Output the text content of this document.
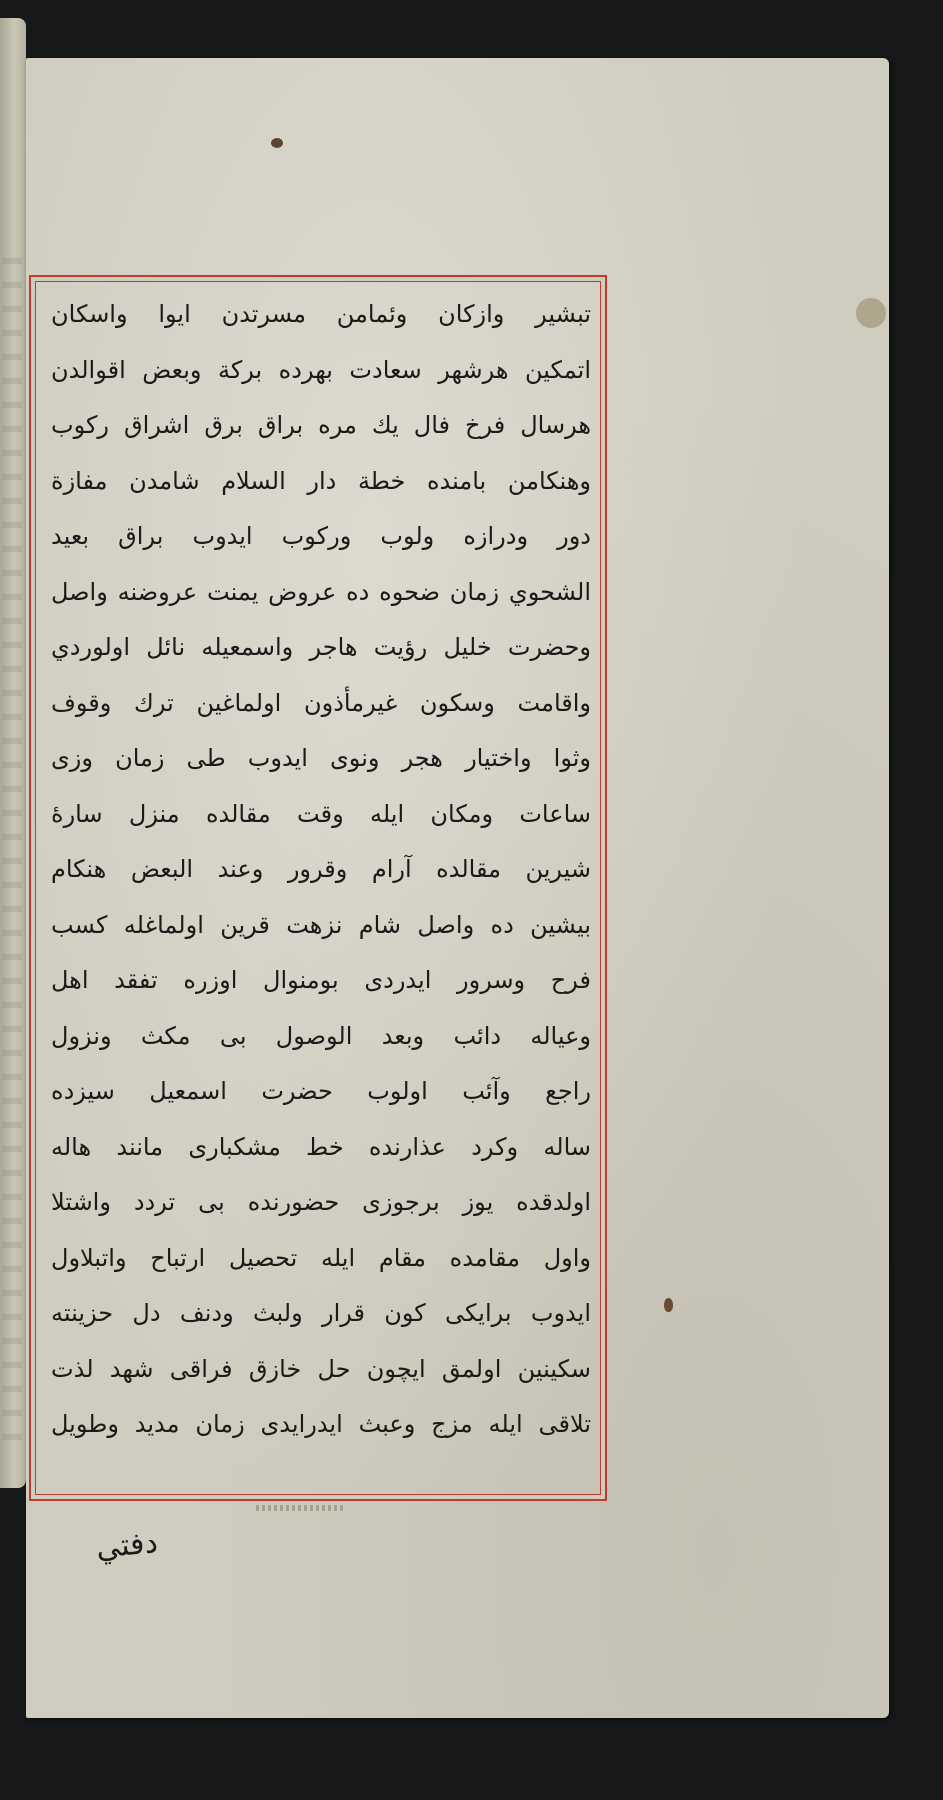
تبشير وازكان وئمامن مسرتدن ايوا واسكان
اتمكين هرشهر سعادت بهرده بركة وبعض اقوالدن
هرسال فرخ فال يك مره براق برق اشراق ركوب
وهنكامن بامنده خطة دار السلام شامدن مفازة
دور ودرازه ولوب وركوب ايدوب براق بعيد
الشحوي زمان ضحوه ده عروض يمنت عروضنه واصل
وحضرت خليل رؤيت هاجر واسمعيله نائل اولوردي
واقامت وسكون غيرمأذون اولماغين ترك وقوف
وثوا واختيار هجر ونوى ايدوب طى زمان وزى
ساعات ومكان ايله وقت مقالده منزل سارهٔ
شيرين مقالده آرام وقرور وعند البعض هنكام
بيشين ده واصل شام نزهت قرين اولماغله كسب
فرح وسرور ايدردى بومنوال اوزره تفقد اهل
وعياله دائب وبعد الوصول بى مكث ونزول
راجع وآئب اولوب حضرت اسمعيل سيزده
ساله وكرد عذارنده خط مشكبارى مانند هاله
اولدقده يوز برجوزى حضورنده بى تردد واشتلا
واول مقامده مقام ايله تحصيل ارتباح واتبلاول
ايدوب برايكى كون قرار ولبث ودنف دل حزينته
سكينين اولمق ايچون حل خازق فراقى شهد لذت
تلاقى ايله مزج وعبث ايدرايدى زمان مديد وطويل
دفتي
